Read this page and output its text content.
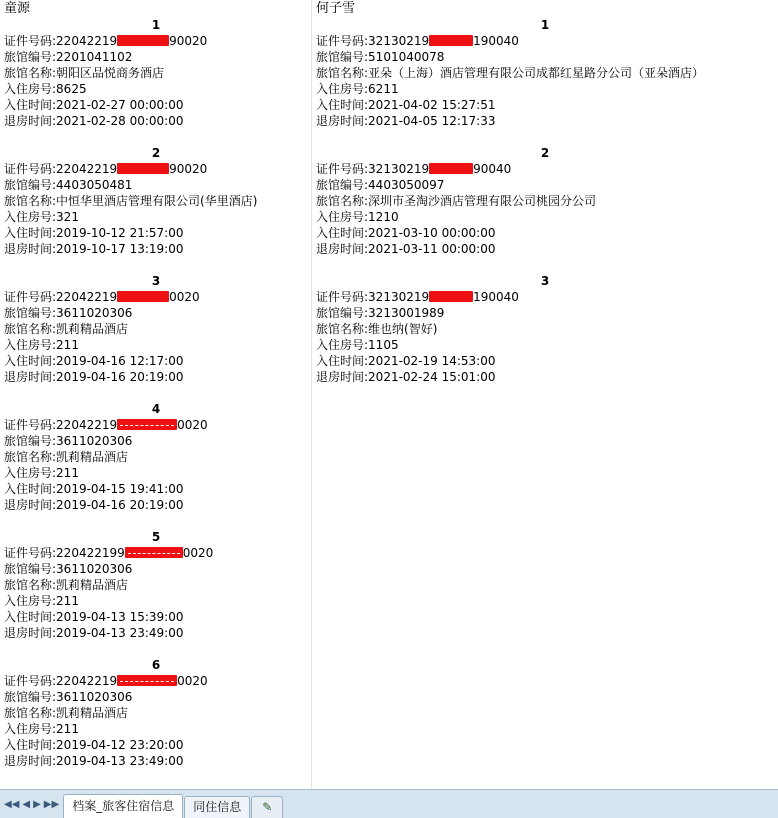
童源
1
证件号码:22042219	90020
旅馆编号:2201041102
旅馆名称:朝阳区品悦商务酒店
入住房号:8625
入住时间:2021-02-27 00:00:00
退房时间:2021-02-28 00:00:00
2
证件号码:22042219	90020
旅馆编号:4403050481
旅馆名称:中恒华里酒店管理有限公司(华里酒店)
入住房号:321
入住时间:2019-10-12 21:57:00
退房时间:2019-10-17 13:19:00
3
证件号码:22042219	0020
旅馆编号:3611020306
旅馆名称:凯莉精品酒店
入住房号:211
入住时间:2019-04-16 12:17:00
退房时间:2019-04-16 20:19:00
4
证件号码:22042219	0020
旅馆编号:3611020306
旅馆名称:凯莉精品酒店
入住房号:211
入住时间:2019-04-15 19:41:00
退房时间:2019-04-16 20:19:00
5
证件号码:220422199	0020
旅馆编号:3611020306
旅馆名称:凯莉精品酒店
入住房号:211
入住时间:2019-04-13 15:39:00
退房时间:2019-04-13 23:49:00
6
证件号码:22042219	0020
旅馆编号:3611020306
旅馆名称:凯莉精品酒店
入住房号:211
入住时间:2019-04-12 23:20:00
退房时间:2019-04-13 23:49:00
何子雪
1
证件号码:32130219	190040
旅馆编号:5101040078
旅馆名称:亚朵（上海）酒店管理有限公司成都红星路分公司（亚朵酒店）
入住房号:6211
入住时间:2021-04-02 15:27:51
退房时间:2021-04-05 12:17:33
2
证件号码:32130219	90040
旅馆编号:4403050097
旅馆名称:深圳市圣淘沙酒店管理有限公司桃园分公司
入住房号:1210
入住时间:2021-03-10 00:00:00
退房时间:2021-03-11 00:00:00
3
证件号码:32130219	190040
旅馆编号:3213001989
旅馆名称:维也纳(智好)
入住房号:1105
入住时间:2021-02-19 14:53:00
退房时间:2021-02-24 15:01:00
◀◀ ◀ ▶ ▶▶	档案_旅客住宿信息	同住信息	✎
